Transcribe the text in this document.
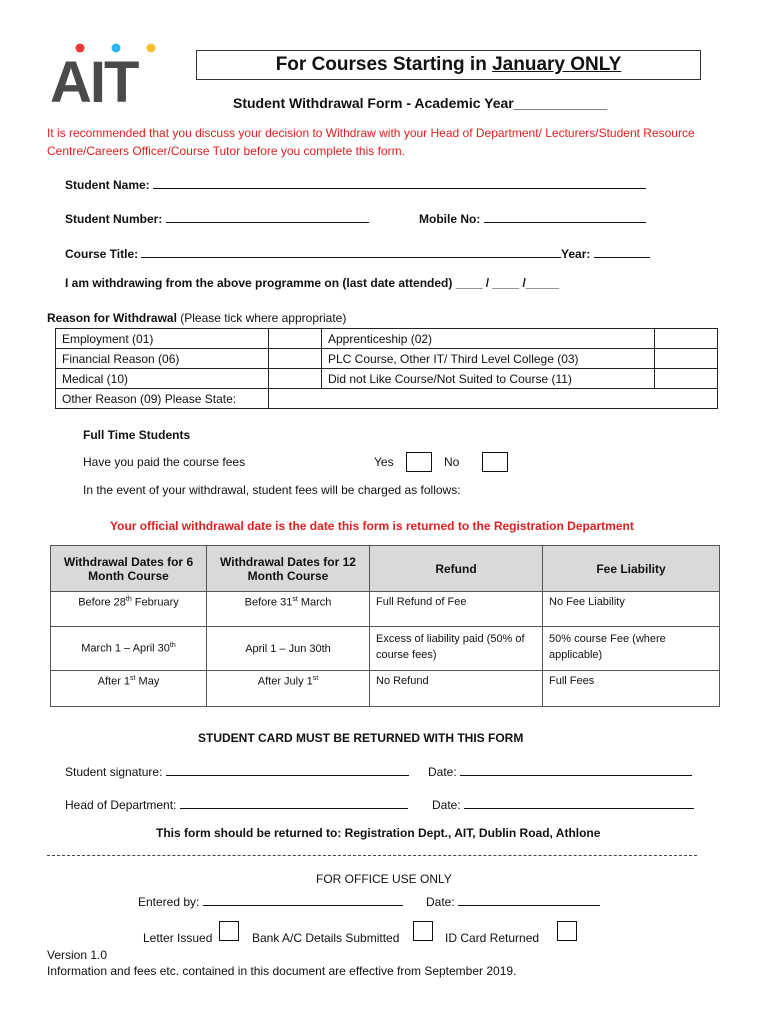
AIT	For Courses Starting in January ONLY
Student Withdrawal Form - Academic Year____________
It is recommended that you discuss your decision to Withdraw with your Head of Department/ Lecturers/Student Resource Centre/Careers Officer/Course Tutor before you complete this form.
Student Name:
Student Number:	Mobile No:
Course Title:	Year:
I am withdrawing from the above programme on (last date attended) ____ / ____ /_____
Reason for Withdrawal (Please tick where appropriate)
Employment (01)		Apprenticeship (02)	
Financial Reason (06)		PLC Course, Other IT/ Third Level College (03)	
Medical (10)		Did not Like Course/Not Suited to Course (11)	
Other Reason (09) Please State:			
Full Time Students
Have you paid the course fees	Yes	No
In the event of your withdrawal, student fees will be charged as follows:
Your official withdrawal date is the date this form is returned to the Registration Department
Withdrawal Dates for 6 Month Course	Withdrawal Dates for 12 Month Course	Refund	Fee Liability
Before 28th February	Before 31st March	Full Refund of Fee	No Fee Liability
March 1 – April 30th	April 1 – Jun 30th	Excess of liability paid (50% of course fees)	50% course Fee (where applicable)
After 1st May	After July 1st	No Refund	Full Fees
STUDENT CARD MUST BE RETURNED WITH THIS FORM
Student signature:	Date:
Head of Department:	Date:
This form should be returned to: Registration Dept., AIT, Dublin Road, Athlone
FOR OFFICE USE ONLY
Entered by:	Date:
Letter Issued	Bank A/C Details Submitted	ID Card Returned
Version 1.0
Information and fees etc. contained in this document are effective from September 2019.
